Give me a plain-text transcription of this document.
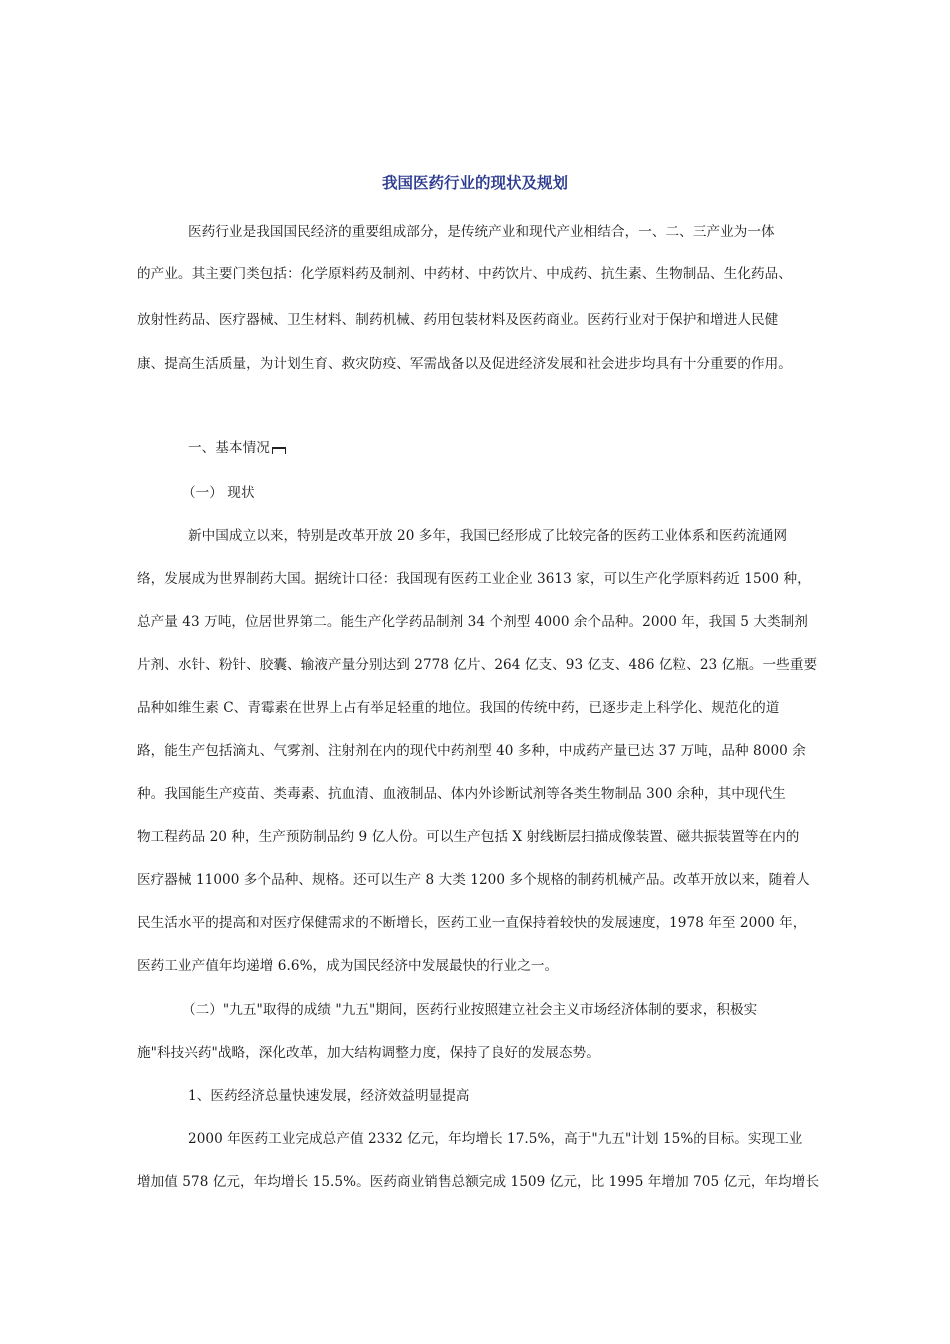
我国医药行业的现状及规划
医药行业是我国国民经济的重要组成部分，是传统产业和现代产业相结合，一、二、三产业为一体
的产业。其主要门类包括：化学原料药及制剂、中药材、中药饮片、中成药、抗生素、生物制品、生化药品、
放射性药品、医疗器械、卫生材料、制药机械、药用包装材料及医药商业。医药行业对于保护和增进人民健
康、提高生活质量，为计划生育、救灾防疫、军需战备以及促进经济发展和社会进步均具有十分重要的作用。
一、基本情况
（一） 现状
新中国成立以来，特别是改革开放 20 多年，我国已经形成了比较完备的医药工业体系和医药流通网
络，发展成为世界制药大国。据统计口径：我国现有医药工业企业 3613 家，可以生产化学原料药近 1500 种，
总产量 43 万吨，位居世界第二。能生产化学药品制剂 34 个剂型 4000 余个品种。2000 年，我国 5 大类制剂
片剂、水针、粉针、胶囊、输液产量分别达到 2778 亿片、264 亿支、93 亿支、486 亿粒、23 亿瓶。一些重要
品种如维生素 C、青霉素在世界上占有举足轻重的地位。我国的传统中药，已逐步走上科学化、规范化的道
路，能生产包括滴丸、气雾剂、注射剂在内的现代中药剂型 40 多种，中成药产量已达 37 万吨，品种 8000 余
种。我国能生产疫苗、类毒素、抗血清、血液制品、体内外诊断试剂等各类生物制品 300 余种，其中现代生
物工程药品 20 种，生产预防制品约 9 亿人份。可以生产包括 X 射线断层扫描成像装置、磁共振装置等在内的
医疗器械 11000 多个品种、规格。还可以生产 8 大类 1200 多个规格的制药机械产品。改革开放以来，随着人
民生活水平的提高和对医疗保健需求的不断增长，医药工业一直保持着较快的发展速度，1978 年至 2000 年，
医药工业产值年均递增 6.6%，成为国民经济中发展最快的行业之一。
（二）"九五"取得的成绩 "九五"期间，医药行业按照建立社会主义市场经济体制的要求，积极实
施"科技兴药"战略，深化改革，加大结构调整力度，保持了良好的发展态势。
1、医药经济总量快速发展，经济效益明显提高
2000 年医药工业完成总产值 2332 亿元，年均增长 17.5%，高于"九五"计划 15%的目标。实现工业
增加值 578 亿元，年均增长 15.5%。医药商业销售总额完成 1509 亿元，比 1995 年增加 705 亿元，年均增长
